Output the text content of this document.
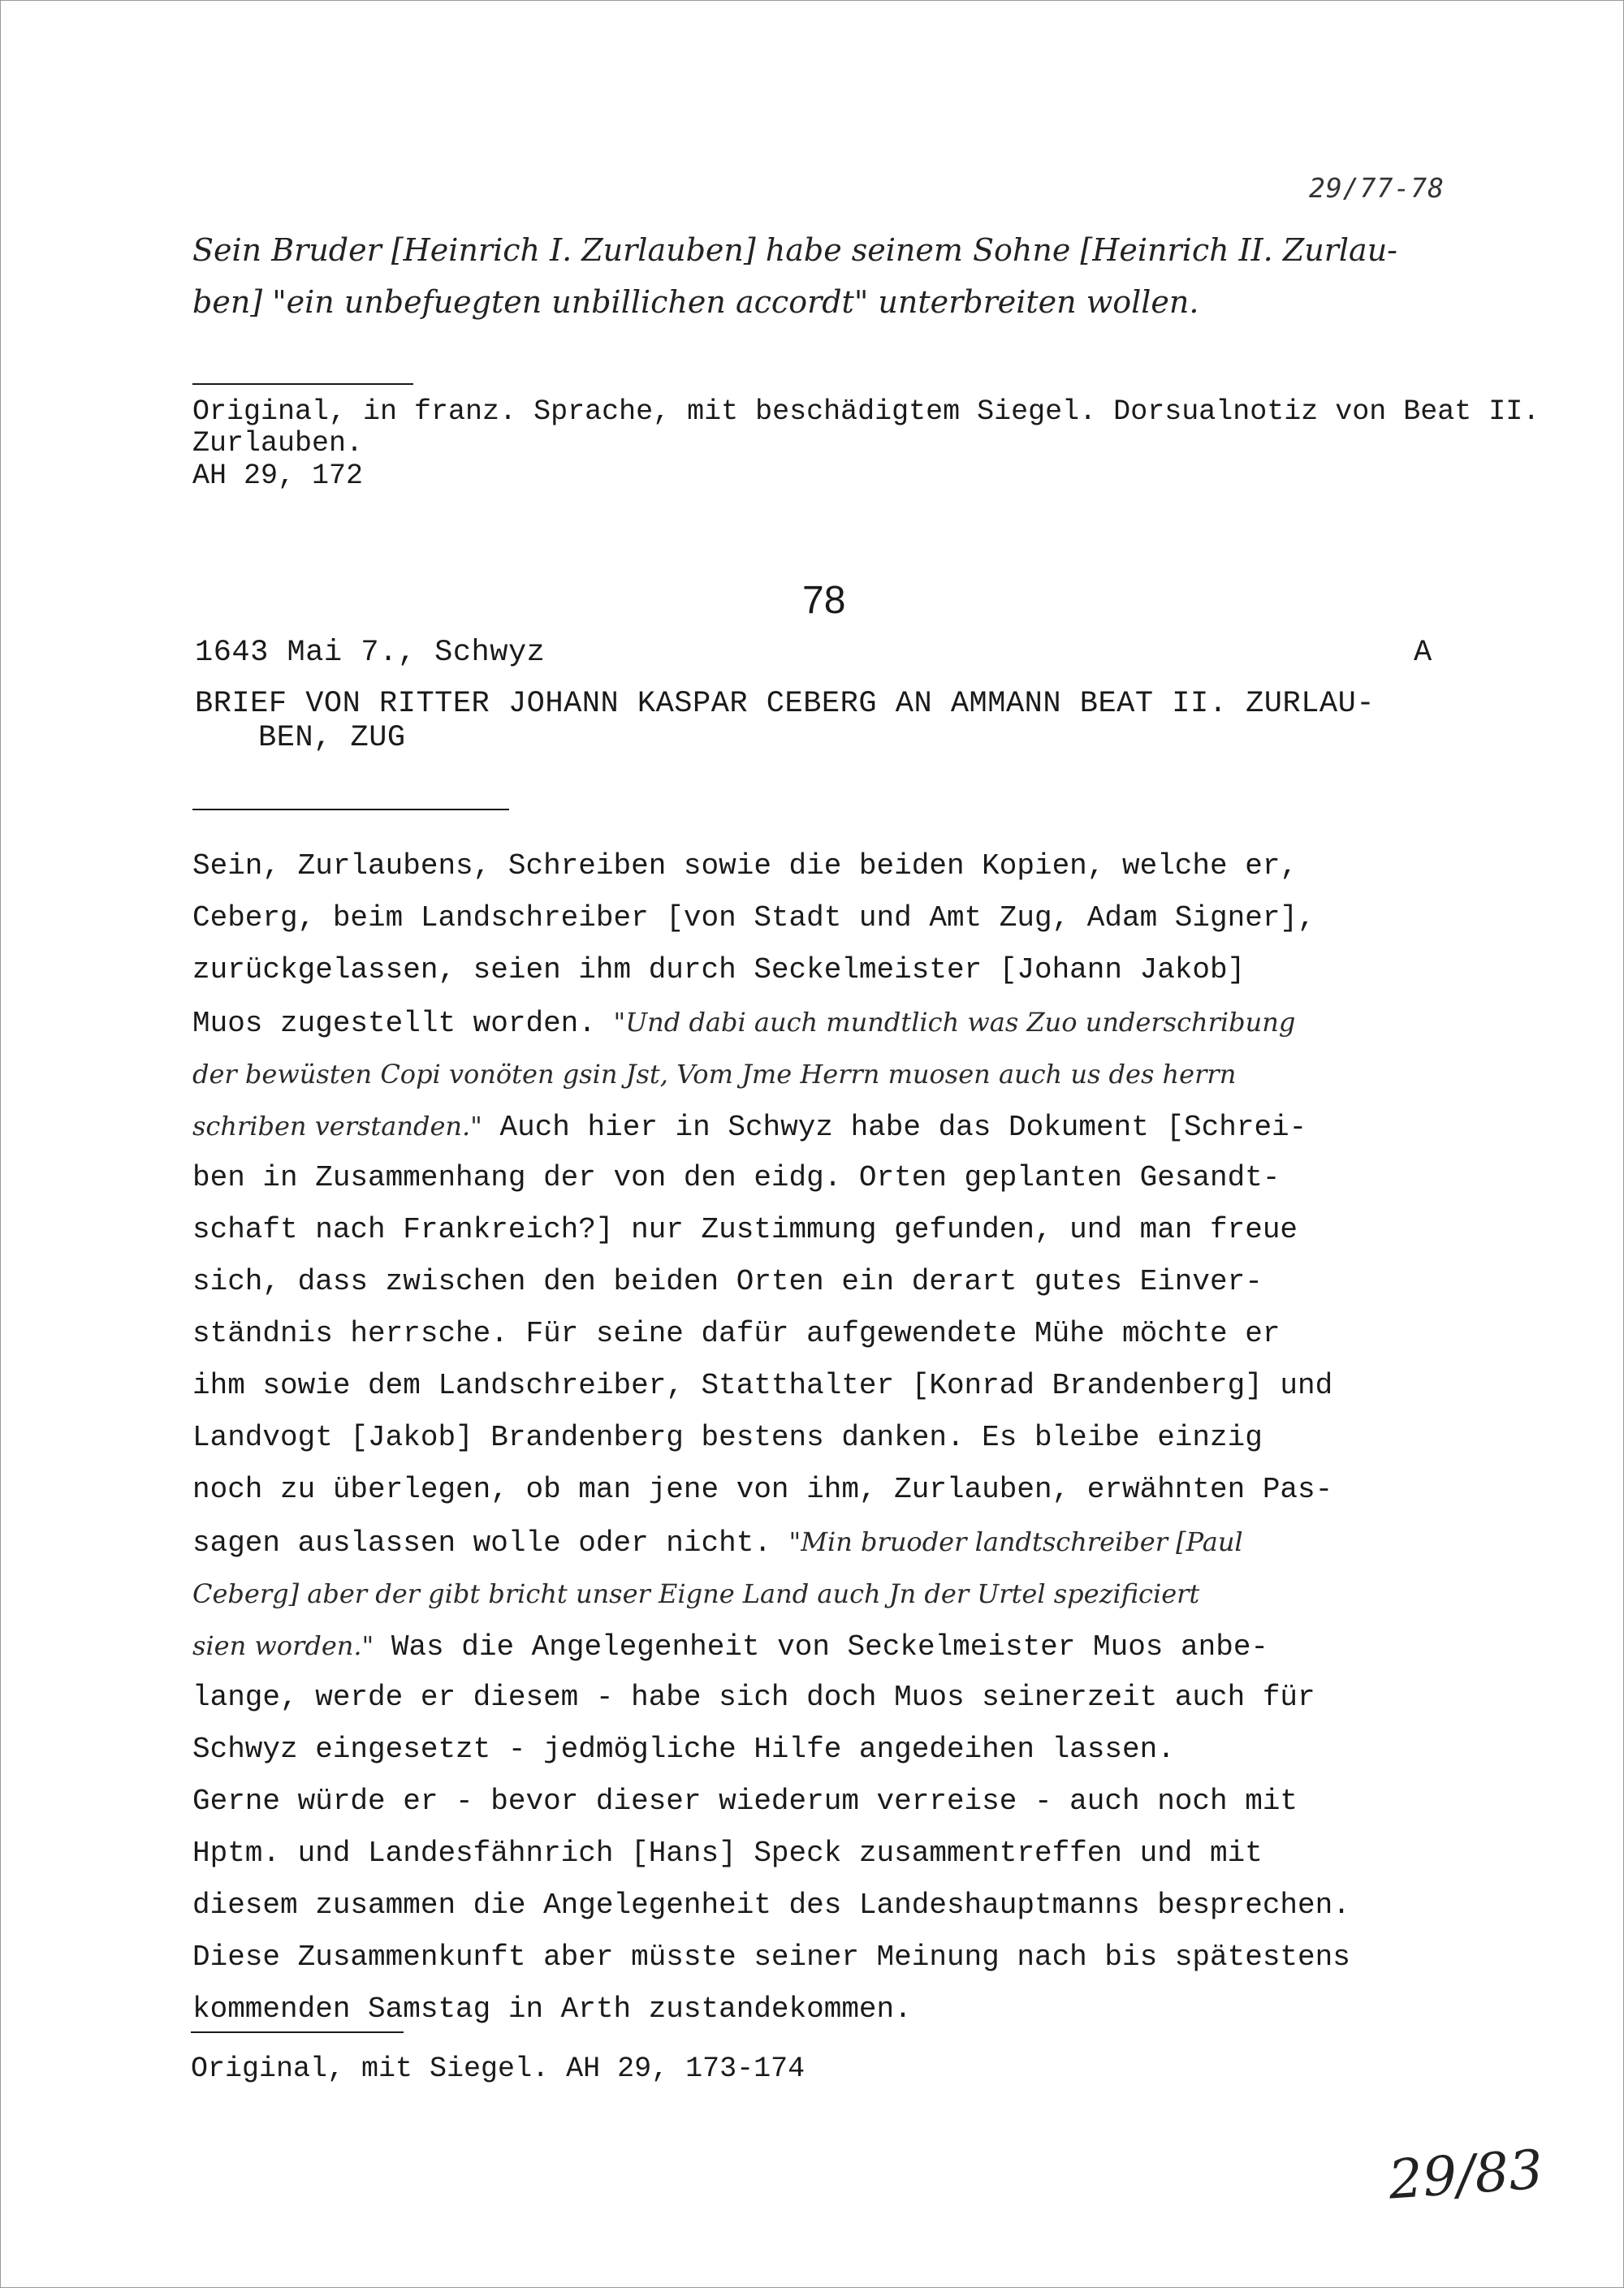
29/77-78
Sein Bruder [Heinrich I. Zurlauben] habe seinem Sohne [Heinrich II. Zurlau-
ben] "ein unbefuegten unbillichen accordt" unterbreiten wollen.
Original, in franz. Sprache, mit beschädigtem Siegel. Dorsualnotiz von Beat II.
Zurlauben.
AH 29, 172
78
1643 Mai 7., Schwyz	A
BRIEF VON RITTER JOHANN KASPAR CEBERG AN AMMANN BEAT II. ZURLAU-
BEN, ZUG
Sein, Zurlaubens, Schreiben sowie die beiden Kopien, welche er,
Ceberg, beim Landschreiber [von Stadt und Amt Zug, Adam Signer],
zurückgelassen, seien ihm durch Seckelmeister [Johann Jakob]
Muos zugestellt worden. "Und dabi auch mundtlich was Zuo underschribung
der bewüsten Copi vonöten gsin Jst, Vom Jme Herrn muosen auch us des herrn
schriben verstanden." Auch hier in Schwyz habe das Dokument [Schrei-
ben in Zusammenhang der von den eidg. Orten geplanten Gesandt-
schaft nach Frankreich?] nur Zustimmung gefunden, und man freue
sich, dass zwischen den beiden Orten ein derart gutes Einver-
ständnis herrsche. Für seine dafür aufgewendete Mühe möchte er
ihm sowie dem Landschreiber, Statthalter [Konrad Brandenberg] und
Landvogt [Jakob] Brandenberg bestens danken. Es bleibe einzig
noch zu überlegen, ob man jene von ihm, Zurlauben, erwähnten Pas-
sagen auslassen wolle oder nicht. "Min bruoder landtschreiber [Paul
Ceberg] aber der gibt bricht unser Eigne Land auch Jn der Urtel spezificiert
sien worden." Was die Angelegenheit von Seckelmeister Muos anbe-
lange, werde er diesem - habe sich doch Muos seinerzeit auch für
Schwyz eingesetzt - jedmögliche Hilfe angedeihen lassen.
Gerne würde er - bevor dieser wiederum verreise - auch noch mit
Hptm. und Landesfähnrich [Hans] Speck zusammentreffen und mit
diesem zusammen die Angelegenheit des Landeshauptmanns besprechen.
Diese Zusammenkunft aber müsste seiner Meinung nach bis spätestens
kommenden Samstag in Arth zustandekommen.
Original, mit Siegel. AH 29, 173-174
29/83
